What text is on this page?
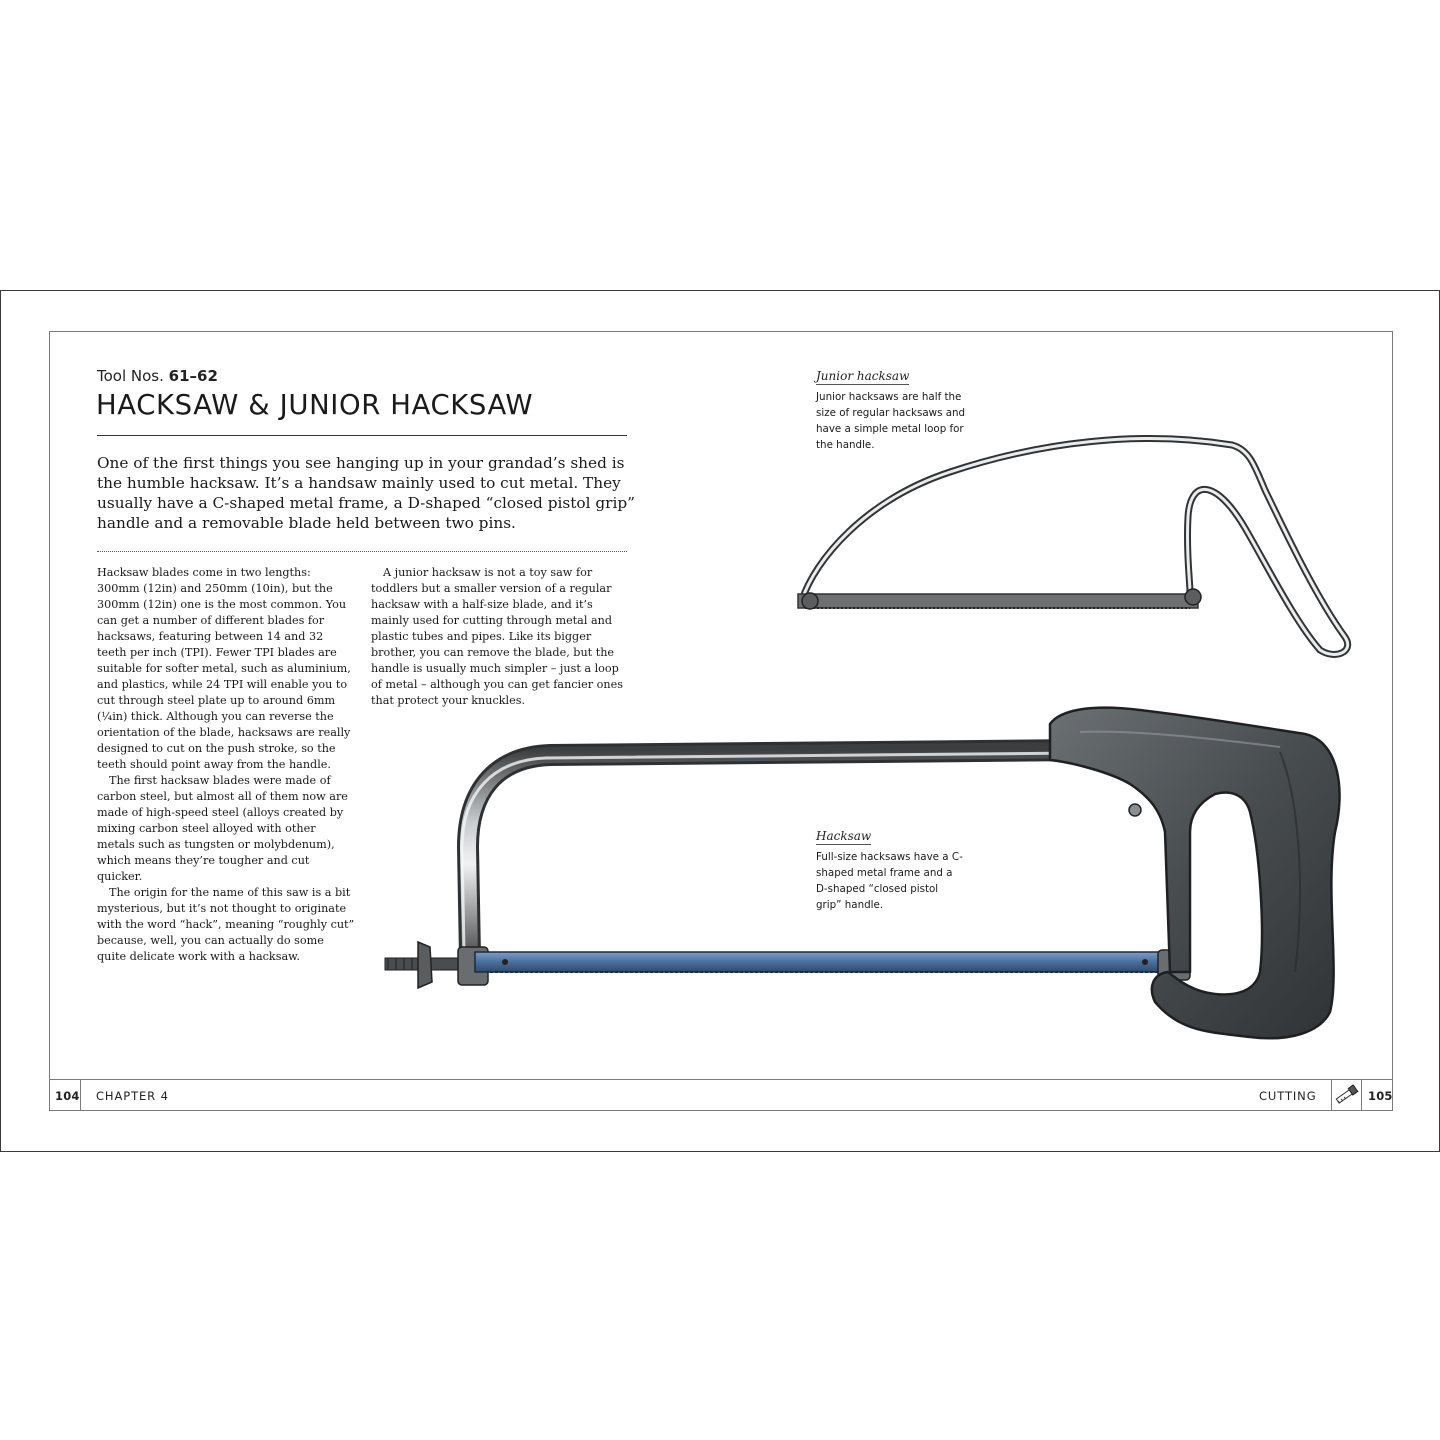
Tool Nos. 61–62
HACKSAW & JUNIOR HACKSAW
One of the first things you see hanging up in your grandad’s shed is the humble hacksaw. It’s a handsaw mainly used to cut metal. They usually have a C-shaped metal frame, a D-shaped “closed pistol grip” handle and a removable blade held between two pins.

Hacksaw blades come in two lengths: 300mm (12in) and 250mm (10in), but the 300mm (12in) one is the most common. You can get a number of different blades for hacksaws, featuring between 14 and 32 teeth per inch (TPI). Fewer TPI blades are suitable for softer metal, such as aluminium, and plastics, while 24 TPI will enable you to cut through steel plate up to around 6mm (¼in) thick. Although you can reverse the orientation of the blade, hacksaws are really designed to cut on the push stroke, so the teeth should point away from the handle.

The first hacksaw blades were made of carbon steel, but almost all of them now are made of high-speed steel (alloys created by mixing carbon steel alloyed with other metals such as tungsten or molybdenum), which means they’re tougher and cut quicker.

The origin for the name of this saw is a bit mysterious, but it’s not thought to originate with the word “hack”, meaning “roughly cut” because, well, you can actually do some quite delicate work with a hacksaw.

A junior hacksaw is not a toy saw for toddlers but a smaller version of a regular hacksaw with a half-size blade, and it’s mainly used for cutting through metal and plastic tubes and pipes. Like its bigger brother, you can remove the blade, but the handle is usually much simpler – just a loop of metal – although you can get fancier ones that protect your knuckles.

Junior hacksaw
Junior hacksaws are half the size of regular hacksaws and have a simple metal loop for the handle.
Hacksaw
Full-size hacksaws have a C-shaped metal frame and a D-shaped “closed pistol grip” handle.
104 CHAPTER 4	CUTTING	105
